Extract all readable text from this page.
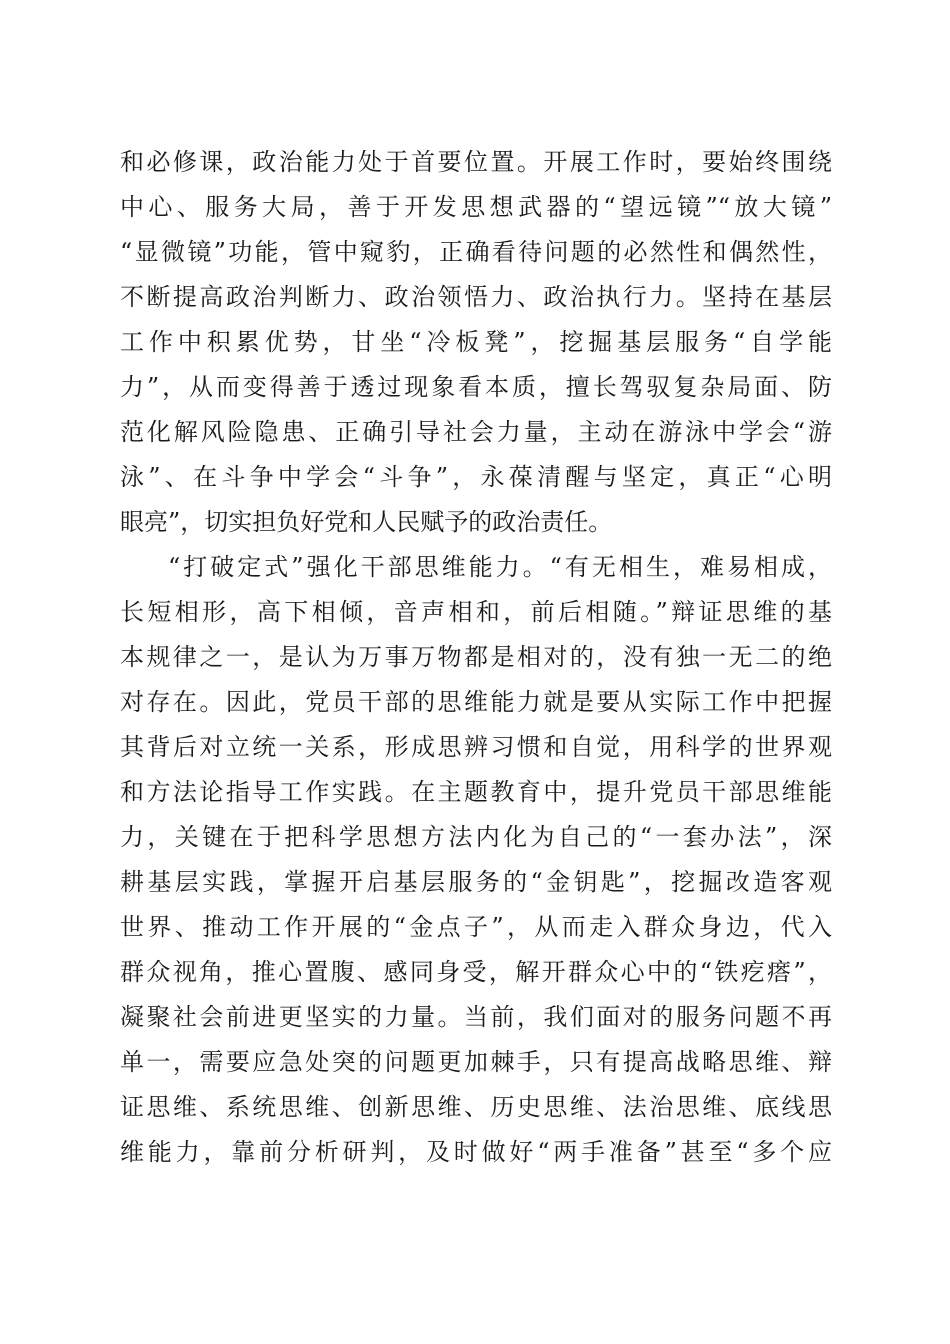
和必修课，政治能力处于首要位置。开展工作时，要始终围绕
中心、服务大局，善于开发思想武器的“望远镜”“放大镜”
“显微镜”功能，管中窥豹，正确看待问题的必然性和偶然性，
不断提高政治判断力、政治领悟力、政治执行力。坚持在基层
工作中积累优势，甘坐“冷板凳”，挖掘基层服务“自学能
力”，从而变得善于透过现象看本质，擅长驾驭复杂局面、防
范化解风险隐患、正确引导社会力量，主动在游泳中学会“游
泳”、在斗争中学会“斗争”，永葆清醒与坚定，真正“心明
眼亮”，切实担负好党和人民赋予的政治责任。
“打破定式”强化干部思维能力。“有无相生，难易相成，
长短相形，高下相倾，音声相和，前后相随。”辩证思维的基
本规律之一，是认为万事万物都是相对的，没有独一无二的绝
对存在。因此，党员干部的思维能力就是要从实际工作中把握
其背后对立统一关系，形成思辨习惯和自觉，用科学的世界观
和方法论指导工作实践。在主题教育中，提升党员干部思维能
力，关键在于把科学思想方法内化为自己的“一套办法”，深
耕基层实践，掌握开启基层服务的“金钥匙”，挖掘改造客观
世界、推动工作开展的“金点子”，从而走入群众身边，代入
群众视角，推心置腹、感同身受，解开群众心中的“铁疙瘩”，
凝聚社会前进更坚实的力量。当前，我们面对的服务问题不再
单一，需要应急处突的问题更加棘手，只有提高战略思维、辩
证思维、系统思维、创新思维、历史思维、法治思维、底线思
维能力，靠前分析研判，及时做好“两手准备”甚至“多个应
